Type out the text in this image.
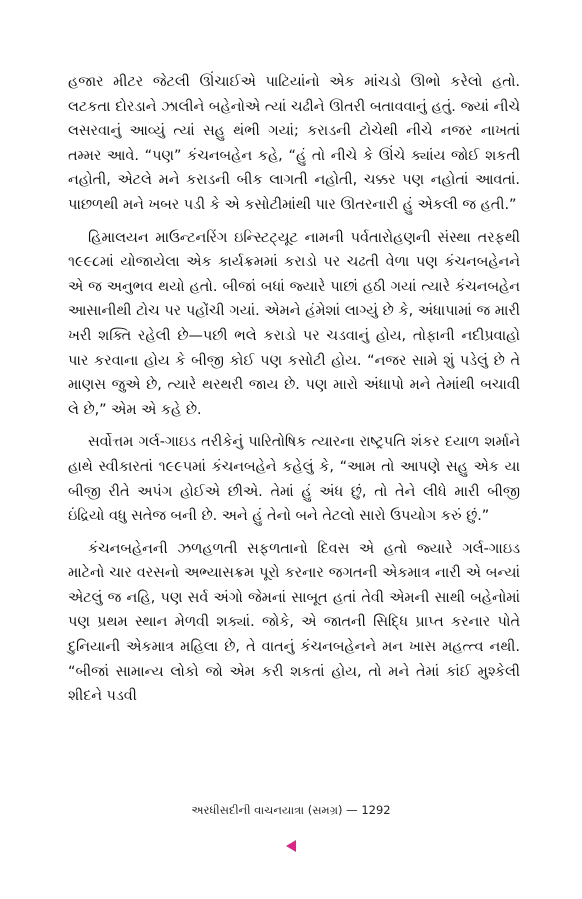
હજાર મીટર જેટલી ઊંચાઈએ પાટિયાંનો એક માંચડો ઊભો કરેલો હતો. લટકતા દોરડાને ઝાલીને બહેનોએ ત્યાં ચઢીને ઊતરી બતાવવાનું હતું. જ્યાં નીચે લસરવાનું આવ્યું ત્યાં સહુ થંભી ગયાં; કરાડની ટોચેથી નીચે નજર નાખતાં તમ્મર આવે. “પણ” કંચનબહેન કહે, “હું તો નીચે કે ઊંચે ક્યાંય જોઈ શકતી નહોતી, એટલે મને કરાડની બીક લાગતી નહોતી, ચક્કર પણ નહોતાં આવતાં. પાછળથી મને ખબર પડી કે એ કસોટીમાંથી પાર ઊતરનારી હું એકલી જ હતી.”

હિમાલયન માઉન્ટનરિંગ ઇન્સ્ટિટ્યૂટ નામની પર્વતારોહણની સંસ્થા તરફથી ૧૯૯૮માં યોજાયેલા એક કાર્યક્રમમાં કરાડો પર ચઢતી વેળા પણ કંચનબહેનને એ જ અનુભવ થયો હતો. બીજાં બધાં જ્યારે પાછાં હઠી ગયાં ત્યારે કંચનબહેન આસાનીથી ટોચ પર પહોંચી ગયાં. એમને હંમેશાં લાગ્યું છે કે, અંધાપામાં જ મારી ખરી શક્તિ રહેલી છે—પછી ભલે કરાડો પર ચડવાનું હોય, તોફાની નદીપ્રવાહો પાર કરવાના હોય કે બીજી કોઈ પણ કસોટી હોય. “નજર સામે શું પડેલું છે તે માણસ જુએ છે, ત્યારે થરથરી જાય છે. પણ મારો અંધાપો મને તેમાંથી બચાવી લે છે,” એમ એ કહે છે.

સર્વોત્તમ ગર્લ-ગાઇડ તરીકેનું પારિતોષિક ત્યારના રાષ્ટ્રપતિ શંકર દયાળ શર્માને હાથે સ્વીકારતાં ૧૯૯૫માં કંચનબહેને કહેલું કે, “આમ તો આપણે સહુ એક યા બીજી રીતે અપંગ હોઈએ છીએ. તેમાં હું અંધ છું, તો તેને લીધે મારી બીજી ઇંદ્રિયો વધુ સતેજ બની છે. અને હું તેનો બને તેટલો સારો ઉપયોગ કરું છું.”

કંચનબહેનની ઝળહળતી સફળતાનો દિવસ એ હતો જ્યારે ગર્લ-ગાઇડ માટેનો ચાર વરસનો અભ્યાસક્રમ પૂરો કરનાર જગતની એકમાત્ર નારી એ બન્યાં એટલું જ નહિ, પણ સર્વ અંગો જેમનાં સાબૂત હતાં તેવી એમની સાથી બહેનોમાં પણ પ્રથમ સ્થાન મેળવી શક્યાં. જોકે, એ જાતની સિદ્ધિ પ્રાપ્ત કરનાર પોતે દુનિયાની એકમાત્ર મહિલા છે, તે વાતનું કંચનબહેનને મન ખાસ મહત્ત્વ નથી. “બીજાં સામાન્ય લોકો જો એમ કરી શકતાં હોય, તો મને તેમાં કાંઈ મુશ્કેલી શીદને પડવી

અરધીસદીની વાચનયાત્રા (સમગ્ર) — 1292
